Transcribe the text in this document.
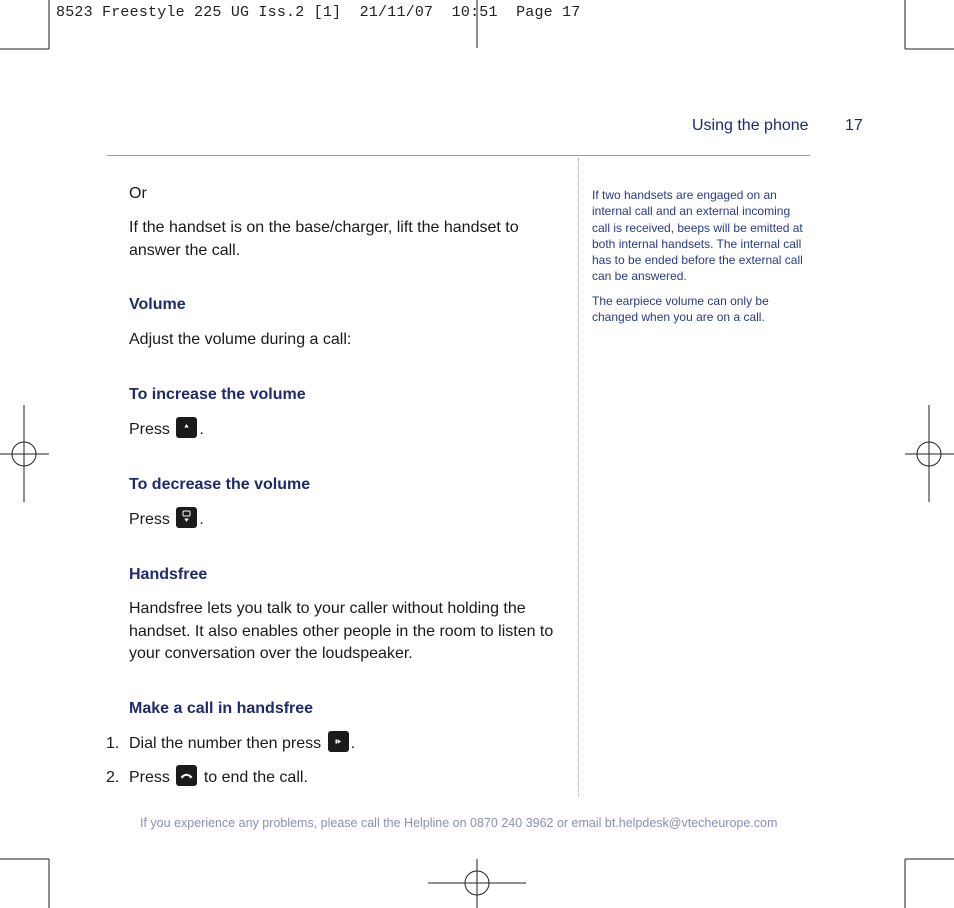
8523 Freestyle 225 UG Iss.2 [1]  21/11/07  10:51  Page 17
Using the phone 17
Or
If the handset is on the base/charger, lift the handset to answer the call.
Volume
Adjust the volume during a call:
To increase the volume
Press .
To decrease the volume
Press .
Handsfree
Handsfree lets you talk to your caller without holding the handset. It also enables other people in the room to listen to your conversation over the loudspeaker.
Make a call in handsfree
1. Dial the number then press .
2. Press to end the call.
If two handsets are engaged on an internal call and an external incoming call is received, beeps will be emitted at both internal handsets. The internal call has to be ended before the external call can be answered.
The earpiece volume can only be changed when you are on a call.
If you experience any problems, please call the Helpline on 0870 240 3962 or email bt.helpdesk@vtecheurope.com
